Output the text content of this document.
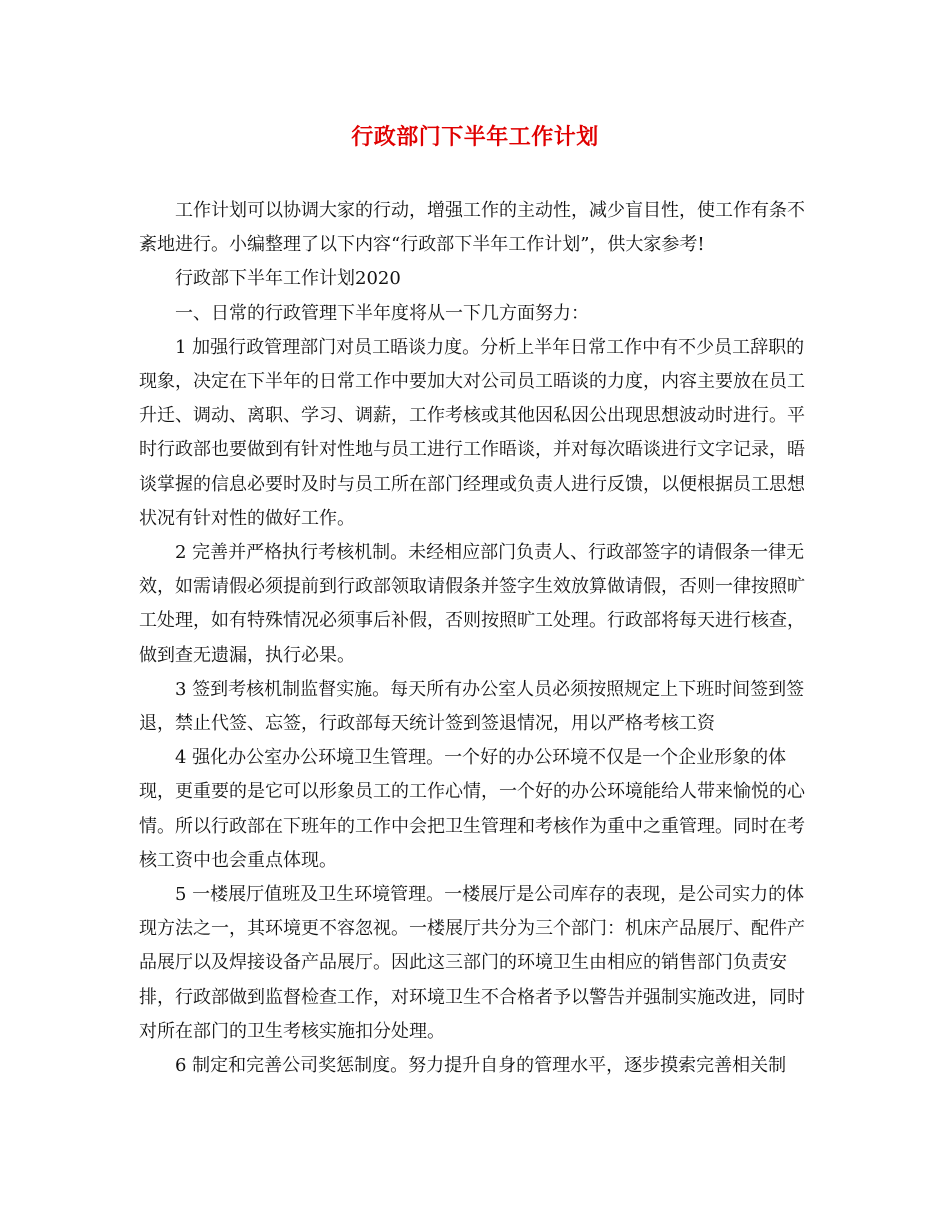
行政部门下半年工作计划

工作计划可以协调大家的行动，增强工作的主动性，减少盲目性，使工作有条不紊地进行。小编整理了以下内容“行政部下半年工作计划”，供大家参考!

行政部下半年工作计划2020

一、日常的行政管理下半年度将从一下几方面努力：

1 加强行政管理部门对员工晤谈力度。分析上半年日常工作中有不少员工辞职的现象，决定在下半年的日常工作中要加大对公司员工晤谈的力度，内容主要放在员工升迁、调动、离职、学习、调薪，工作考核或其他因私因公出现思想波动时进行。平时行政部也要做到有针对性地与员工进行工作晤谈，并对每次晤谈进行文字记录，晤谈掌握的信息必要时及时与员工所在部门经理或负责人进行反馈，以便根据员工思想状况有针对性的做好工作。

2 完善并严格执行考核机制。未经相应部门负责人、行政部签字的请假条一律无效，如需请假必须提前到行政部领取请假条并签字生效放算做请假，否则一律按照旷工处理，如有特殊情况必须事后补假，否则按照旷工处理。行政部将每天进行核查，做到查无遗漏，执行必果。

3 签到考核机制监督实施。每天所有办公室人员必须按照规定上下班时间签到签退，禁止代签、忘签，行政部每天统计签到签退情况，用以严格考核工资

4 强化办公室办公环境卫生管理。一个好的办公环境不仅是一个企业形象的体现，更重要的是它可以形象员工的工作心情，一个好的办公环境能给人带来愉悦的心情。所以行政部在下班年的工作中会把卫生管理和考核作为重中之重管理。同时在考核工资中也会重点体现。

5 一楼展厅值班及卫生环境管理。一楼展厅是公司库存的表现，是公司实力的体现方法之一，其环境更不容忽视。一楼展厅共分为三个部门：机床产品展厅、配件产品展厅以及焊接设备产品展厅。因此这三部门的环境卫生由相应的销售部门负责安排，行政部做到监督检查工作，对环境卫生不合格者予以警告并强制实施改进，同时对所在部门的卫生考核实施扣分处理。

6 制定和完善公司奖惩制度。努力提升自身的管理水平，逐步摸索完善相关制
